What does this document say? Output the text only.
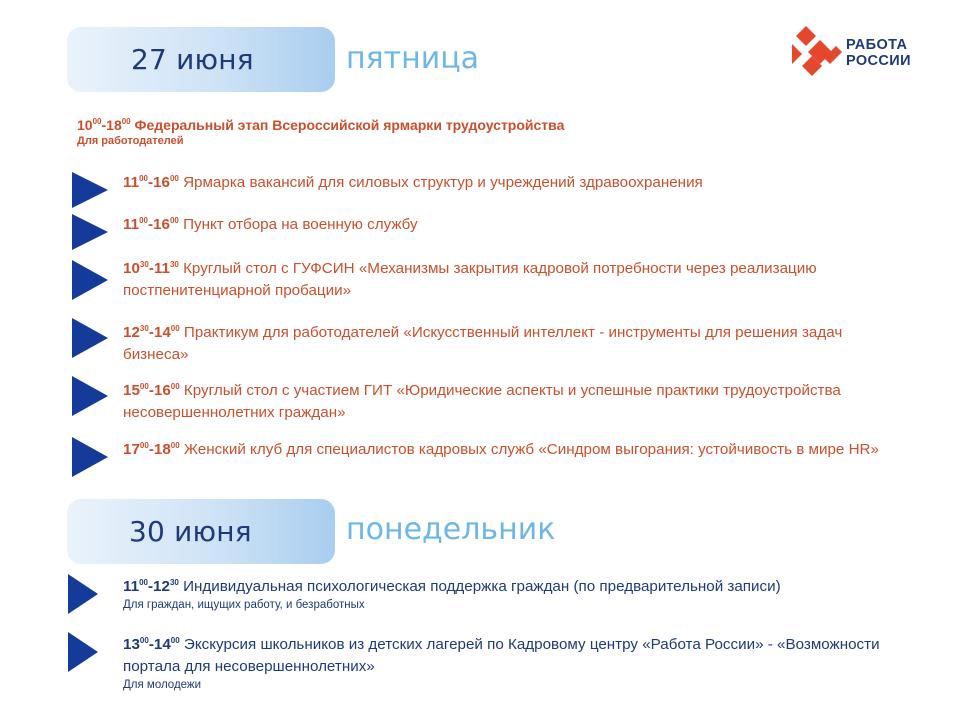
27 июня	пятница	РАБОТА
РОССИИ
$10^{00}-18^{00}$ Федеральный этап Всероссийской ярмарки трудоустройства
Для работодателей
$11^{00}-16^{00}$ Ярмарка вакансий для силовых структур и учреждений здравоохранения
$11^{00}-16^{00}$ Пункт отбора на военную службу
$10^{30}-11^{30}$ Круглый стол с ГУФСИН «Механизмы закрытия кадровой потребности через реализацию постпенитенциарной пробации»
$12^{30}-14^{00}$ Практикум для работодателей «Искусственный интеллект - инструменты для решения задач бизнеса»
$15^{00}-16^{00}$ Круглый стол с участием ГИТ «Юридические аспекты и успешные практики трудоустройства несовершеннолетних граждан»
$17^{00}-18^{00}$ Женский клуб для специалистов кадровых служб «Синдром выгорания: устойчивость в мире HR»
30 июня	понедельник
$11^{00}-12^{30}$ Индивидуальная психологическая поддержка граждан (по предварительной записи)
Для граждан, ищущих работу, и безработных
$13^{00}-14^{00}$ Экскурсия школьников из детских лагерей по Кадровому центру «Работа России» - «Возможности портала для несовершеннолетних»
Для молодежи
